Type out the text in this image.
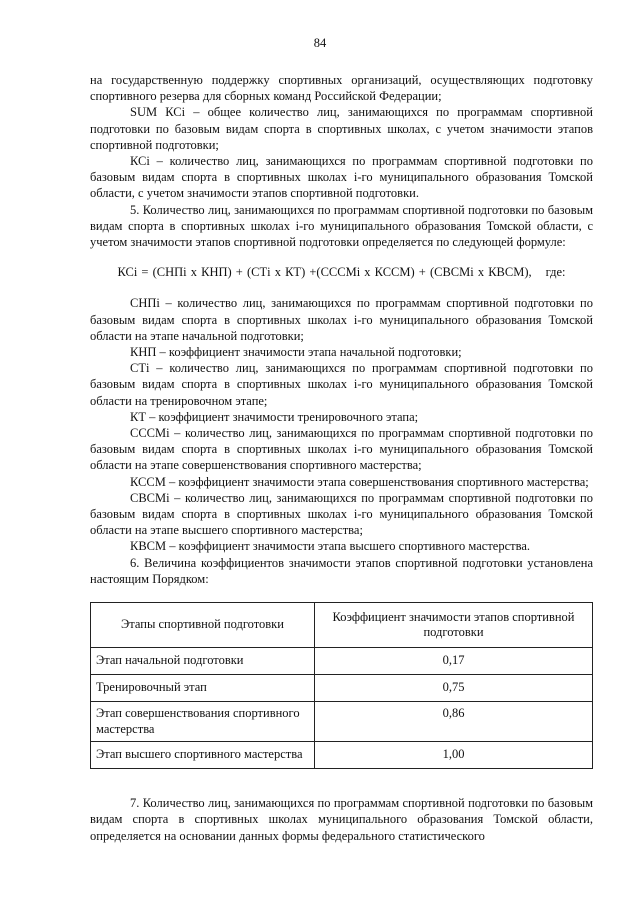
84

на государственную поддержку спортивных организаций, осуществляющих подготовку спортивного резерва для сборных команд Российской Федерации;

SUM КСi – общее количество лиц, занимающихся по программам спортивной подготовки по базовым видам спорта в спортивных школах, с учетом значимости этапов спортивной подготовки;

КСi – количество лиц, занимающихся по программам спортивной подготовки по базовым видам спорта в спортивных школах i-го муниципального образования Томской области, с учетом значимости этапов спортивной подготовки.

5. Количество лиц, занимающихся по программам спортивной подготовки по базовым видам спорта в спортивных школах i-го муниципального образования Томской области, с учетом значимости этапов спортивной подготовки определяется по следующей формуле:

КСi = (СНПi х КНП) + (СТi х КТ) +(СССМi х КССМ) + (СВСМi х КВСМ), где:

СНПi – количество лиц, занимающихся по программам спортивной подготовки по базовым видам спорта в спортивных школах i-го муниципального образования Томской области на этапе начальной подготовки;

КНП – коэффициент значимости этапа начальной подготовки;

СТi – количество лиц, занимающихся по программам спортивной подготовки по базовым видам спорта в спортивных школах i-го муниципального образования Томской области на тренировочном этапе;

КТ – коэффициент значимости тренировочного этапа;

СССМi – количество лиц, занимающихся по программам спортивной подготовки по базовым видам спорта в спортивных школах i-го муниципального образования Томской области на этапе совершенствования спортивного мастерства;

КССМ – коэффициент значимости этапа совершенствования спортивного мастерства;

СВСМi – количество лиц, занимающихся по программам спортивной подготовки по базовым видам спорта в спортивных школах i-го муниципального образования Томской области на этапе высшего спортивного мастерства;

КВСМ – коэффициент значимости этапа высшего спортивного мастерства.

6. Величина коэффициентов значимости этапов спортивной подготовки установлена настоящим Порядком:

Этапы спортивной подготовки	Коэффициент значимости этапов спортивной подготовки
Этап начальной подготовки	0,17
Тренировочный этап	0,75
Этап совершенствования спортивного мастерства	0,86
Этап высшего спортивного мастерства	1,00

7. Количество лиц, занимающихся по программам спортивной подготовки по базовым видам спорта в спортивных школах муниципального образования Томской области, определяется на основании данных формы федерального статистического
